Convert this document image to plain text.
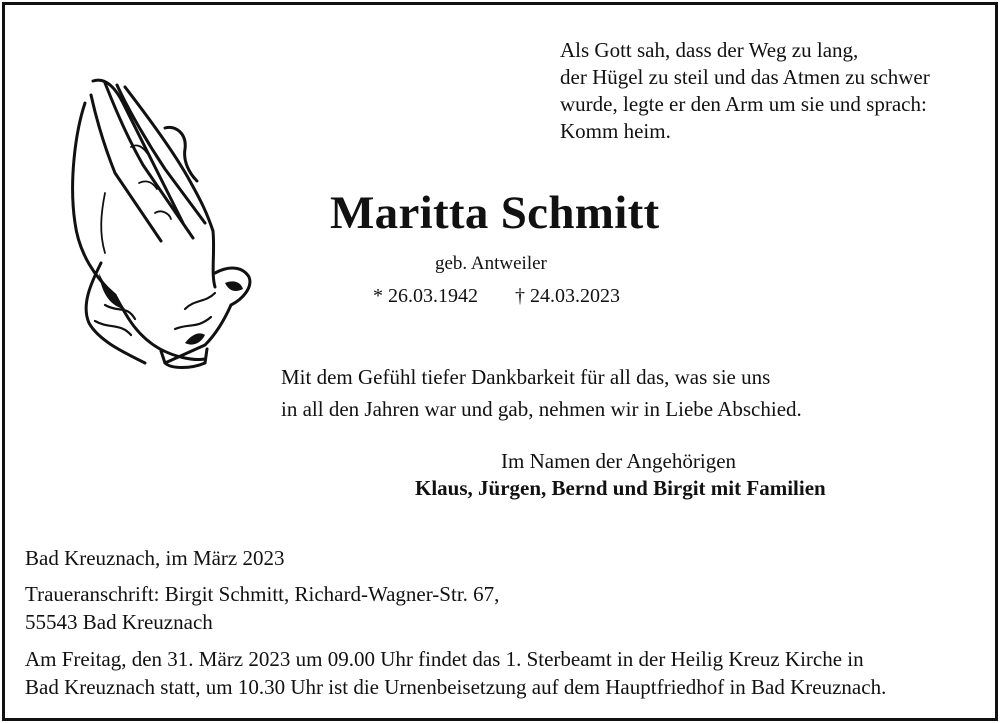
Als Gott sah, dass der Weg zu lang,
der Hügel zu steil und das Atmen zu schwer
wurde, legte er den Arm um sie und sprach:
Komm heim.
Maritta Schmitt
geb. Antweiler
* 26.03.1942 † 24.03.2023
Mit dem Gefühl tiefer Dankbarkeit für all das, was sie uns
in all den Jahren war und gab, nehmen wir in Liebe Abschied.
Im Namen der Angehörigen
Klaus, Jürgen, Bernd und Birgit mit Familien
Bad Kreuznach, im März 2023
Traueranschrift: Birgit Schmitt, Richard-Wagner-Str. 67,
55543 Bad Kreuznach
Am Freitag, den 31. März 2023 um 09.00 Uhr findet das 1. Sterbeamt in der Heilig Kreuz Kirche in
Bad Kreuznach statt, um 10.30 Uhr ist die Urnenbeisetzung auf dem Hauptfriedhof in Bad Kreuznach.
